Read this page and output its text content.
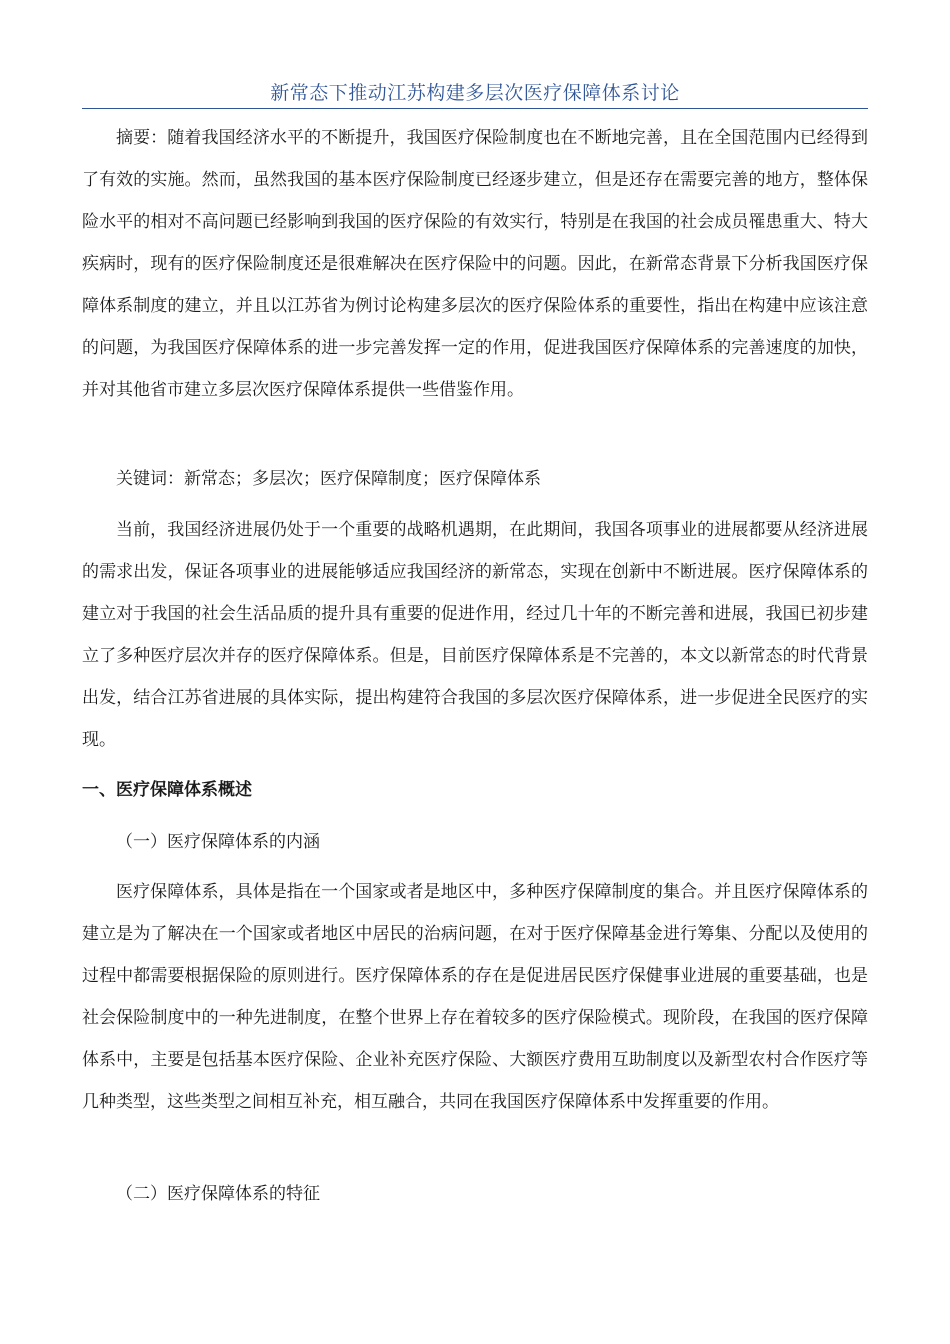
新常态下推动江苏构建多层次医疗保障体系讨论

摘要：随着我国经济水平的不断提升，我国医疗保险制度也在不断地完善，且在全国范围内已经得到了有效的实施。然而，虽然我国的基本医疗保险制度已经逐步建立，但是还存在需要完善的地方，整体保险水平的相对不高问题已经影响到我国的医疗保险的有效实行，特别是在我国的社会成员罹患重大、特大疾病时，现有的医疗保险制度还是很难解决在医疗保险中的问题。因此，在新常态背景下分析我国医疗保障体系制度的建立，并且以江苏省为例讨论构建多层次的医疗保险体系的重要性，指出在构建中应该注意的问题，为我国医疗保障体系的进一步完善发挥一定的作用，促进我国医疗保障体系的完善速度的加快，并对其他省市建立多层次医疗保障体系提供一些借鉴作用。

关键词：新常态；多层次；医疗保障制度；医疗保障体系

当前，我国经济进展仍处于一个重要的战略机遇期，在此期间，我国各项事业的进展都要从经济进展的需求出发，保证各项事业的进展能够适应我国经济的新常态，实现在创新中不断进展。医疗保障体系的建立对于我国的社会生活品质的提升具有重要的促进作用，经过几十年的不断完善和进展，我国已初步建立了多种医疗层次并存的医疗保障体系。但是，目前医疗保障体系是不完善的，本文以新常态的时代背景出发，结合江苏省进展的具体实际，提出构建符合我国的多层次医疗保障体系，进一步促进全民医疗的实现。

一、医疗保障体系概述

（一）医疗保障体系的内涵

医疗保障体系，具体是指在一个国家或者是地区中，多种医疗保障制度的集合。并且医疗保障体系的建立是为了解决在一个国家或者地区中居民的治病问题，在对于医疗保障基金进行筹集、分配以及使用的过程中都需要根据保险的原则进行。医疗保障体系的存在是促进居民医疗保健事业进展的重要基础，也是社会保险制度中的一种先进制度，在整个世界上存在着较多的医疗保险模式。现阶段，在我国的医疗保障体系中，主要是包括基本医疗保险、企业补充医疗保险、大额医疗费用互助制度以及新型农村合作医疗等几种类型，这些类型之间相互补充，相互融合，共同在我国医疗保障体系中发挥重要的作用。

（二）医疗保障体系的特征
